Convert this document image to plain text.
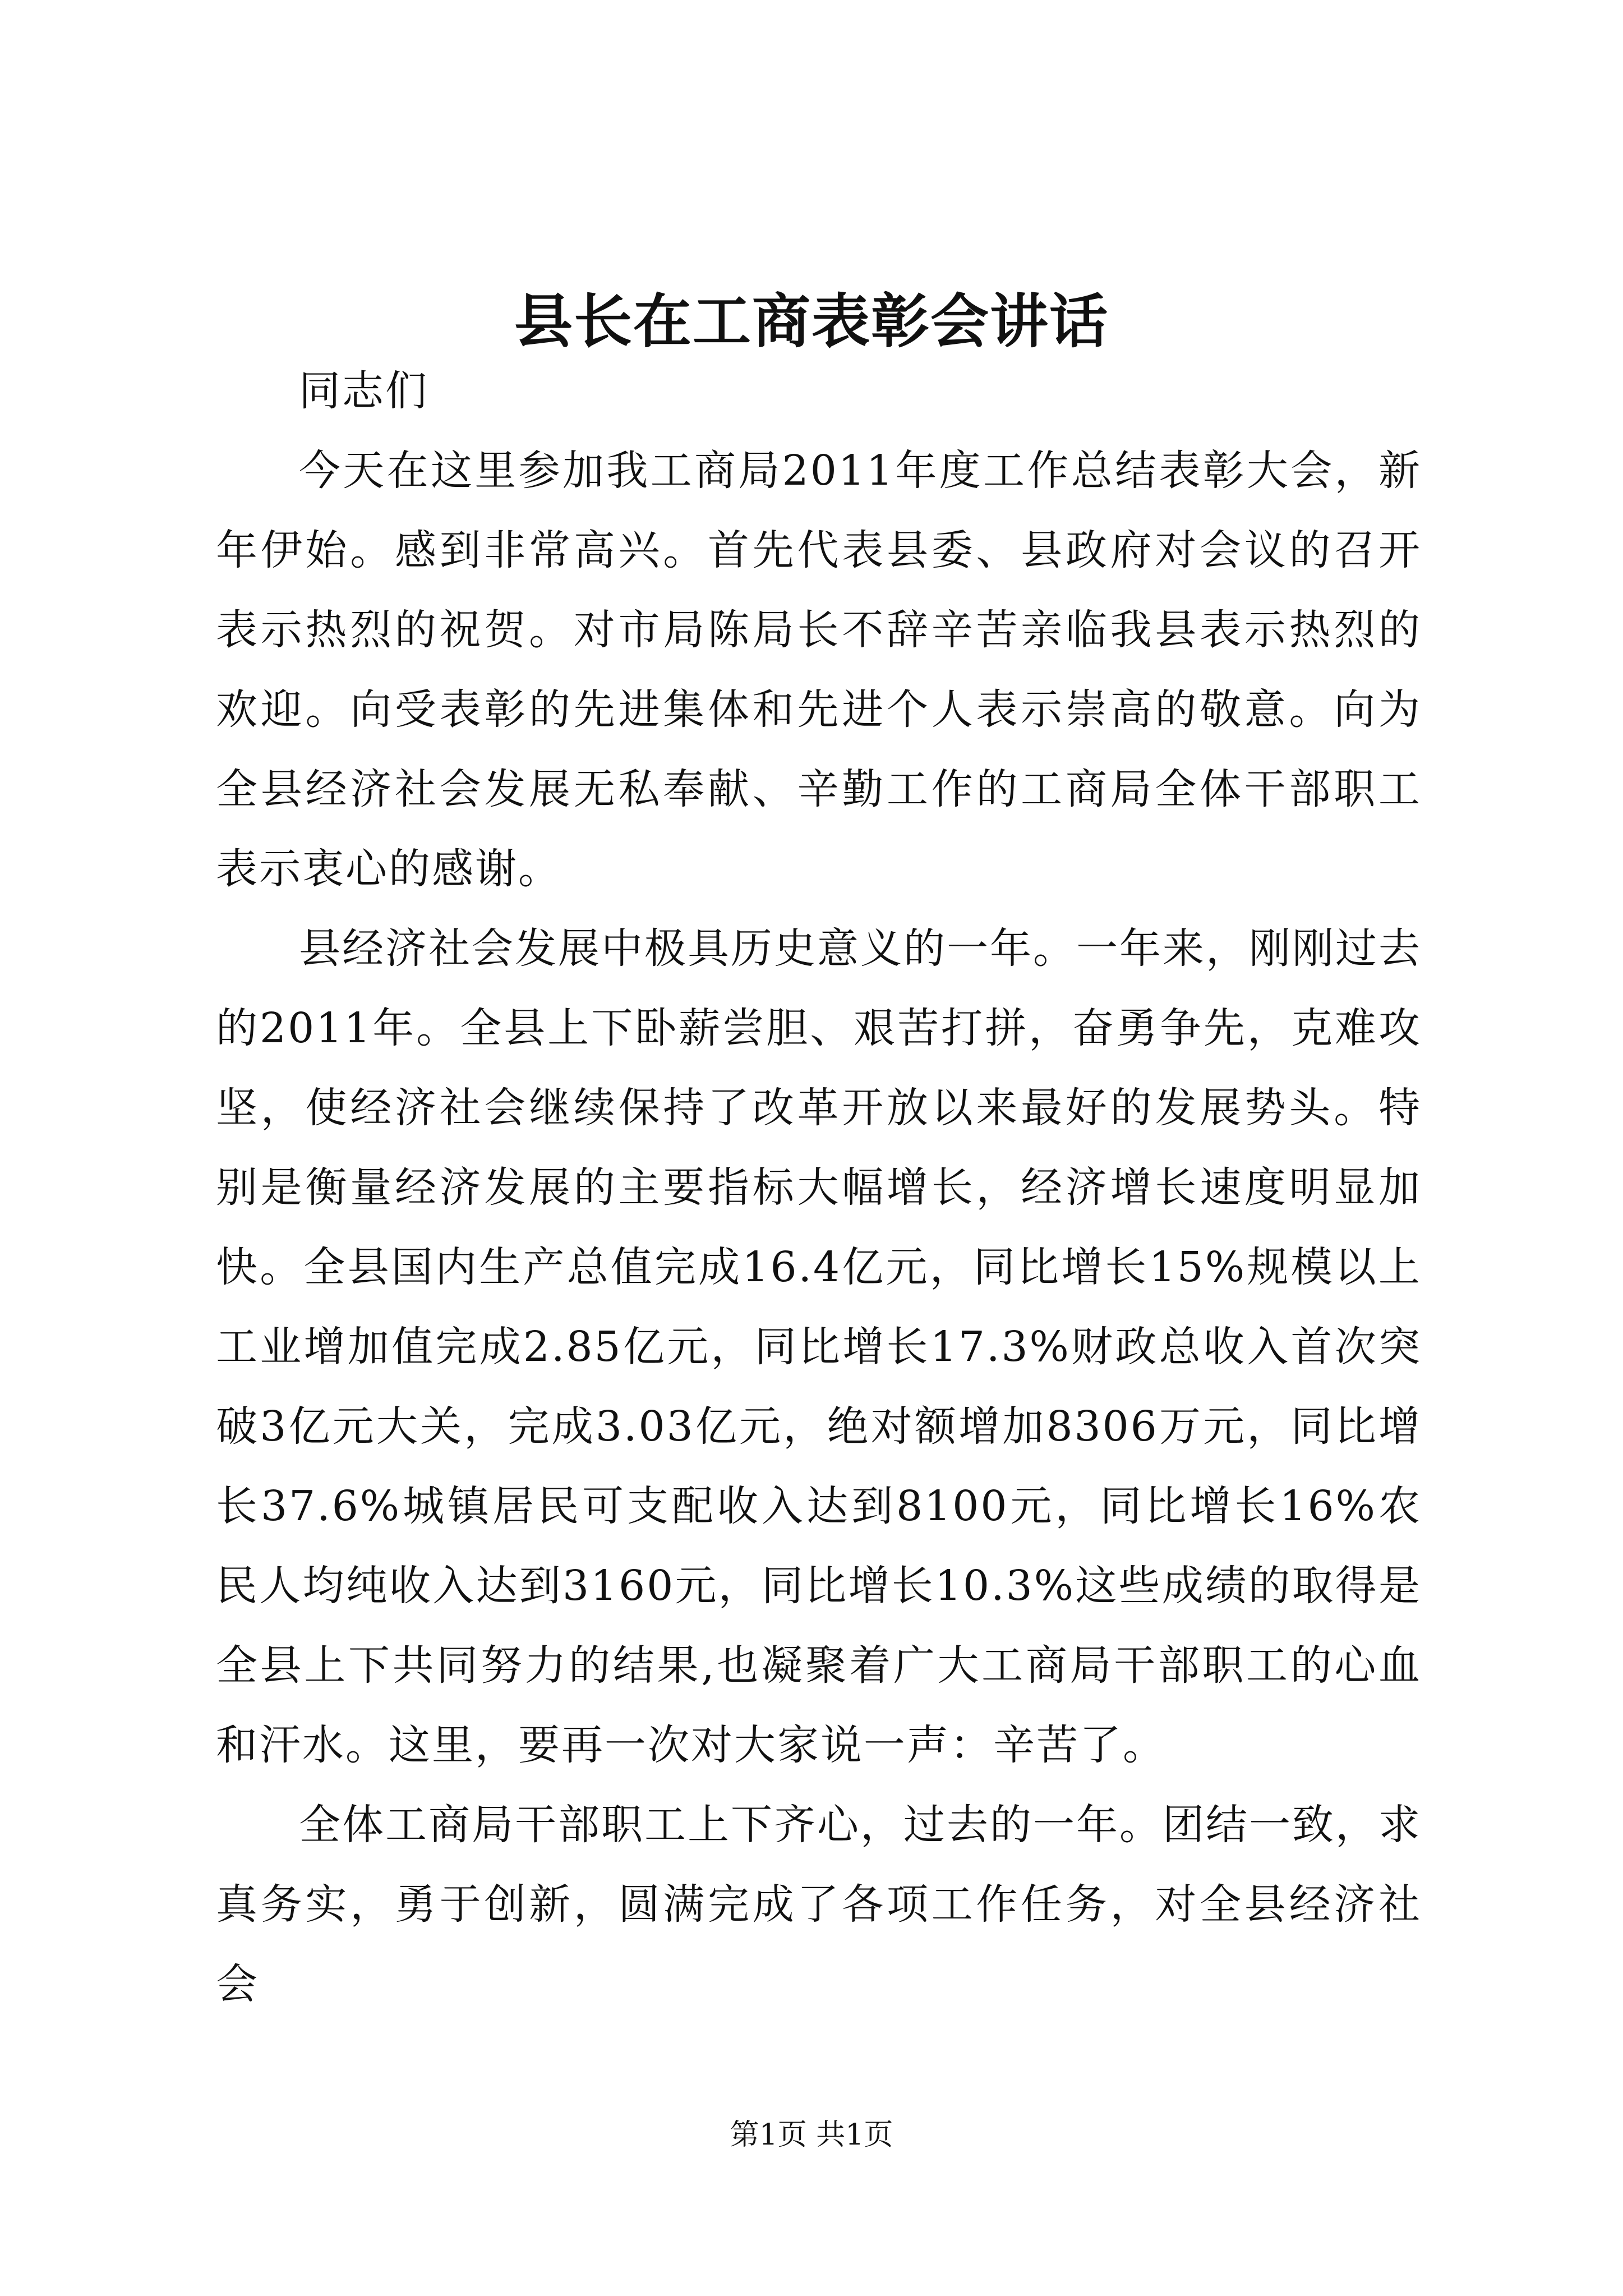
县长在工商表彰会讲话

同志们

今天在这里参加我工商局2011年度工作总结表彰大会，新年伊始。感到非常高兴。首先代表县委、县政府对会议的召开表示热烈的祝贺。对市局陈局长不辞辛苦亲临我县表示热烈的欢迎。向受表彰的先进集体和先进个人表示崇高的敬意。向为全县经济社会发展无私奉献、辛勤工作的工商局全体干部职工表示衷心的感谢。

县经济社会发展中极具历史意义的一年。一年来，刚刚过去的2011年。全县上下卧薪尝胆、艰苦打拼，奋勇争先，克难攻坚，使经济社会继续保持了改革开放以来最好的发展势头。特别是衡量经济发展的主要指标大幅增长，经济增长速度明显加快。全县国内生产总值完成16.4亿元，同比增长15%规模以上工业增加值完成2.85亿元，同比增长17.3%财政总收入首次突破3亿元大关，完成3.03亿元，绝对额增加8306万元，同比增长37.6%城镇居民可支配收入达到8100元，同比增长16%农民人均纯收入达到3160元，同比增长10.3%这些成绩的取得是全县上下共同努力的结果,也凝聚着广大工商局干部职工的心血和汗水。这里，要再一次对大家说一声：辛苦了。

全体工商局干部职工上下齐心，过去的一年。团结一致，求真务实，勇于创新，圆满完成了各项工作任务，对全县经济社会

第1页 共1页
